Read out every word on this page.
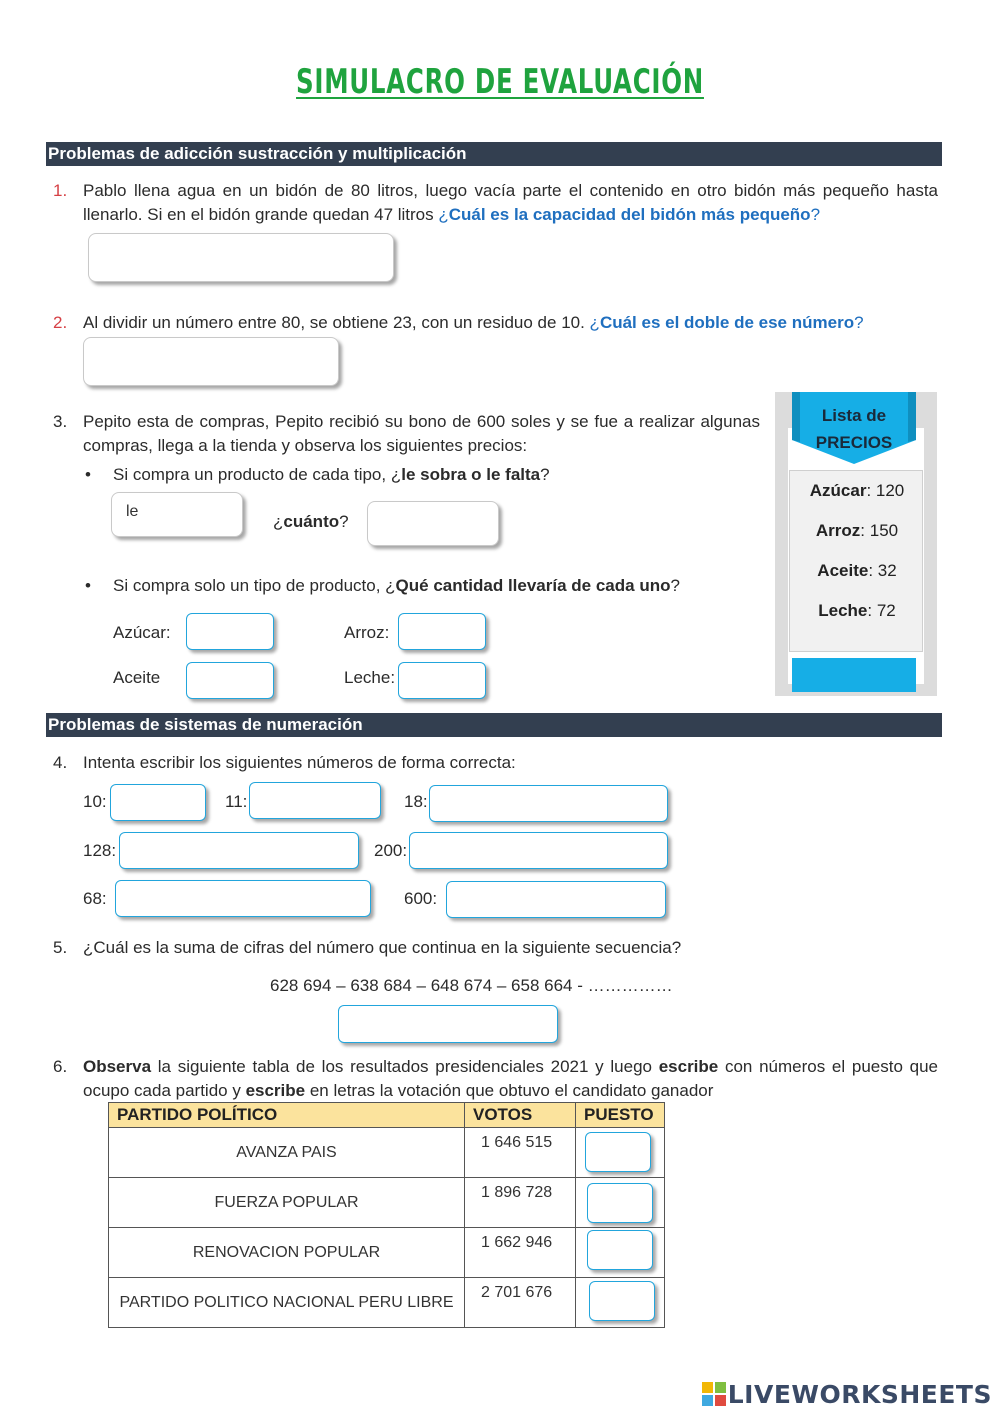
SIMULACRO DE EVALUACIÓN
Problemas de adicción sustracción y multiplicación
1. Pablo llena agua en un bidón de 80 litros, luego vacía parte el contenido en otro bidón más pequeño hasta llenarlo. Si en el bidón grande quedan 47 litros ¿Cuál es la capacidad del bidón más pequeño?
2. Al dividir un número entre 80, se obtiene 23, con un residuo de 10. ¿Cuál es el doble de ese número?
3. Pepito esta de compras, Pepito recibió su bono de 600 soles y se fue a realizar algunas compras, llega a la tienda y observa los siguientes precios:
• Si compra un producto de cada tipo, ¿le sobra o le falta?
le
¿cuánto?
• Si compra solo un tipo de producto, ¿Qué cantidad llevaría de cada uno?
Azúcar:	Arroz:
Aceite	Leche:
Lista de
PRECIOS
Azúcar: 120
Arroz: 150
Aceite: 32
Leche: 72
Problemas de sistemas de numeración
4. Intenta escribir los siguientes números de forma correcta:
10:	11:	18:
128:	200:
68:	600:
5. ¿Cuál es la suma de cifras del número que continua en la siguiente secuencia?
628 694 – 638 684 – 648 674 – 658 664 - ……………
6. Observa la siguiente tabla de los resultados presidenciales 2021 y luego escribe con números el puesto que ocupo cada partido y escribe en letras la votación que obtuvo el candidato ganador
PARTIDO POLÍTICO	VOTOS	PUESTO
AVANZA PAIS	1 646 515	

FUERZA POPULAR	1 896 728	

RENOVACION POPULAR	1 662 946	

PARTIDO POLITICO NACIONAL PERU LIBRE	2 701 676	
LIVEWORKSHEETS
